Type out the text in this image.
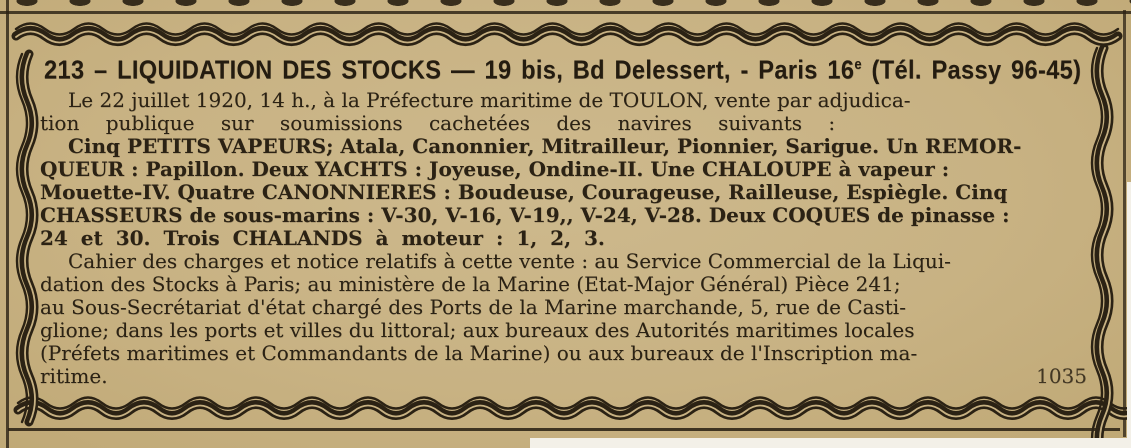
213 – LIQUIDATION DES STOCKS — 19 bis, Bd Delessert, - Paris 16e (Tél. Passy 96-45)
Le 22 juillet 1920, 14 h., à la Préfecture maritime de TOULON, vente par adjudica-
tion publique sur soumissions cachetées des navires suivants :
Cinq PETITS VAPEURS; Atala, Canonnier, Mitrailleur, Pionnier, Sarigue. Un REMOR-
QUEUR : Papillon. Deux YACHTS : Joyeuse, Ondine-II. Une CHALOUPE à vapeur :
Mouette-IV. Quatre CANONNIERES : Boudeuse, Courageuse, Railleuse, Espiègle. Cinq
CHASSEURS de sous-marins : V-30, V-16, V-19,, V-24, V-28. Deux COQUES de pinasse :
24 et 30. Trois CHALANDS à moteur : 1, 2, 3.
Cahier des charges et notice relatifs à cette vente : au Service Commercial de la Liqui-
dation des Stocks à Paris; au ministère de la Marine (Etat-Major Général) Pièce 241;
au Sous-Secrétariat d'état chargé des Ports de la Marine marchande, 5, rue de Casti-
glione; dans les ports et villes du littoral; aux bureaux des Autorités maritimes locales
(Préfets maritimes et Commandants de la Marine) ou aux bureaux de l'Inscription ma-
ritime.	1035
